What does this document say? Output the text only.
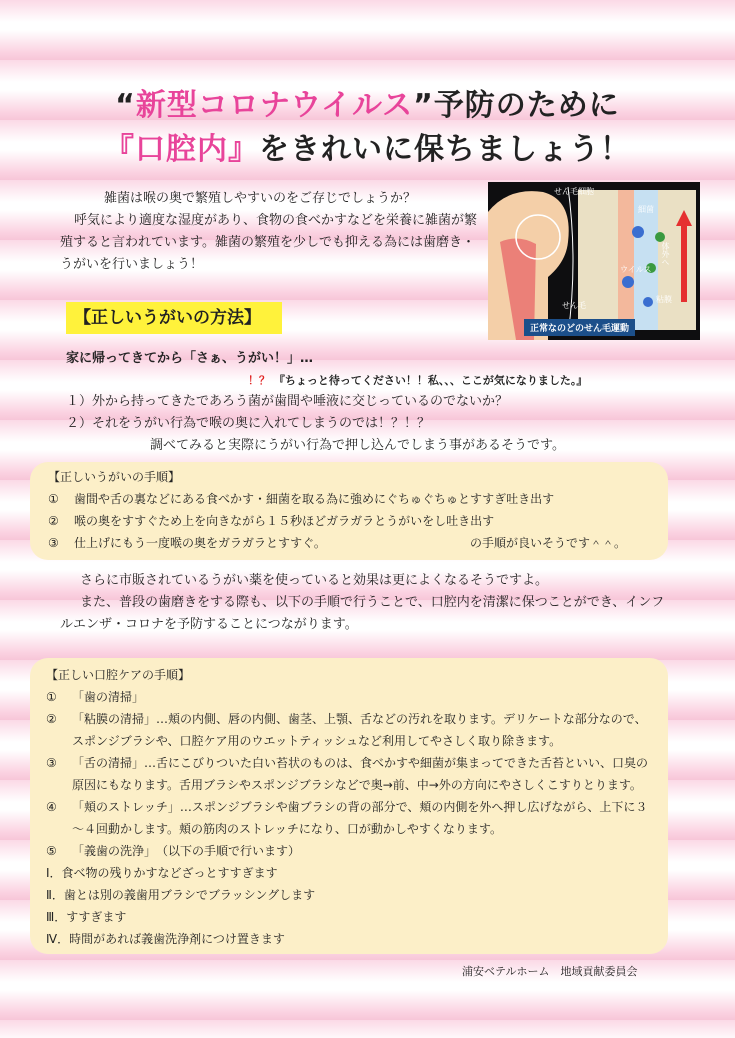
“新型コロナウイルス”予防のために
『口腔内』をきれいに保ちましょう！

雑菌は喉の奥で繁殖しやすいのをご存じでしょうか？

呼気により適度な湿度があり、食物の食べかすなどを栄養に雑菌が繁殖すると言われています。雑菌の繁殖を少しでも抑える為には歯磨き・うがいを行いましょう！

せん毛細胞
細菌
ウイルス
せん毛
粘膜
体外へ
正常なのどのせん毛運動
【正しいうがいの方法】
家に帰ってきてから「さぁ、うがい！」…
！？ 『ちょっと待ってください！！私、、、ここが気になりました。』
１）外から持ってきたであろう菌が歯間や唾液に交じっているのでないか？
２）それをうがい行為で喉の奥に入れてしまうのでは！？！？
調べてみると実際にうがい行為で押し込んでしまう事があるそうです。
【正しいうがいの手順】
① 歯間や舌の裏などにある食べかす・細菌を取る為に強めにぐちゅぐちゅとすすぎ吐き出す
② 喉の奥をすすぐため上を向きながら１５秒ほどガラガラとうがいをし吐き出す
③ 仕上げにもう一度喉の奥をガラガラとすすぐ。	の手順が良いそうです＾＾。

さらに市販されているうがい薬を使っていると効果は更によくなるそうですよ。

また、普段の歯磨きをする際も、以下の手順で行うことで、口腔内を清潔に保つことができ、インフルエンザ・コロナを予防することにつながります。

【正しい口腔ケアの手順】
① 「歯の清掃」
② 「粘膜の清掃」…頬の内側、唇の内側、歯茎、上顎、舌などの汚れを取ります。デリケートな部分なので、
スポンジブラシや、口腔ケア用のウエットティッシュなど利用してやさしく取り除きます。
③ 「舌の清掃」…舌にこびりついた白い苔状のものは、食べかすや細菌が集まってできた舌苔といい、口臭の
原因にもなります。舌用ブラシやスポンジブラシなどで奥→前、中→外の方向にやさしくこすりとります。
④ 「頬のストレッチ」…スポンジブラシや歯ブラシの背の部分で、頬の内側を外へ押し広げながら、上下に３
～４回動かします。頬の筋肉のストレッチになり、口が動かしやすくなります。
⑤ 「義歯の洗浄」　（以下の手順で行います）
Ⅰ．食べ物の残りかすなどざっとすすぎます
Ⅱ．歯とは別の義歯用ブラシでブラッシングします
Ⅲ．すすぎます
Ⅳ．時間があれば義歯洗浄剤につけ置きます
浦安ベテルホーム　地域貢献委員会
